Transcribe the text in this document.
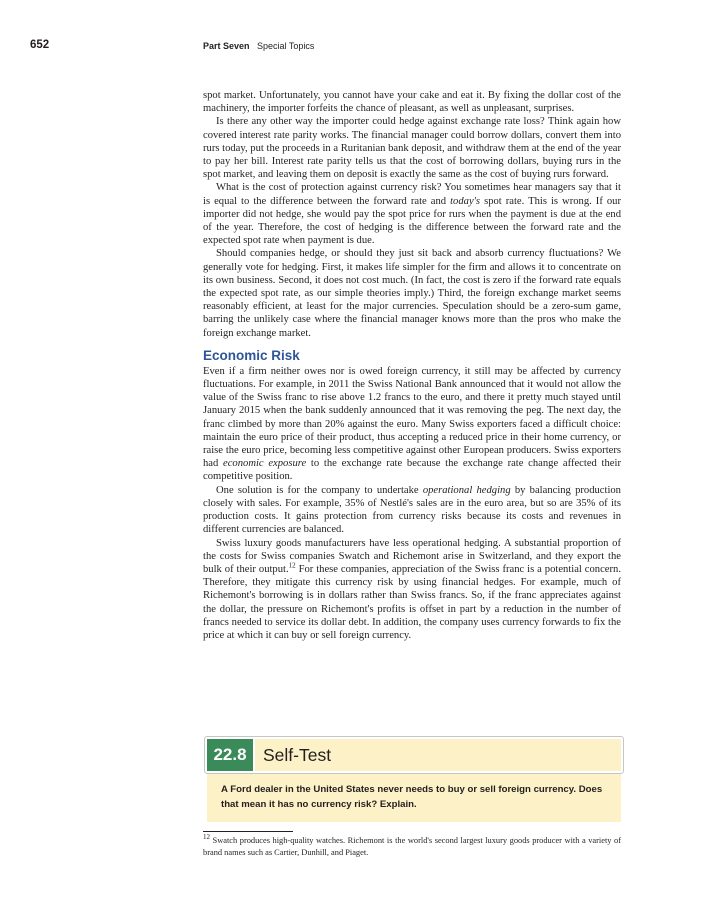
652	Part Seven Special Topics

spot market. Unfortunately, you cannot have your cake and eat it. By fixing the dollar cost of the machinery, the importer forfeits the chance of pleasant, as well as unpleasant, surprises.

Is there any other way the importer could hedge against exchange rate loss? Think again how covered interest rate parity works. The financial manager could borrow dollars, convert them into rurs today, put the proceeds in a Ruritanian bank deposit, and withdraw them at the end of the year to pay her bill. Interest rate parity tells us that the cost of borrowing dollars, buying rurs in the spot market, and leaving them on deposit is exactly the same as the cost of buying rurs forward.

What is the cost of protection against currency risk? You sometimes hear managers say that it is equal to the difference between the forward rate and today's spot rate. This is wrong. If our importer did not hedge, she would pay the spot price for rurs when the payment is due at the end of the year. Therefore, the cost of hedging is the difference between the forward rate and the expected spot rate when payment is due.

Should companies hedge, or should they just sit back and absorb currency fluctuations? We generally vote for hedging. First, it makes life simpler for the firm and allows it to concentrate on its own business. Second, it does not cost much. (In fact, the cost is zero if the forward rate equals the expected spot rate, as our simple theories imply.) Third, the foreign exchange market seems reasonably efficient, at least for the major currencies. Speculation should be a zero-sum game, barring the unlikely case where the financial manager knows more than the pros who make the foreign exchange market.

Economic Risk

Even if a firm neither owes nor is owed foreign currency, it still may be affected by currency fluctuations. For example, in 2011 the Swiss National Bank announced that it would not allow the value of the Swiss franc to rise above 1.2 francs to the euro, and there it pretty much stayed until January 2015 when the bank suddenly announced that it was removing the peg. The next day, the franc climbed by more than 20% against the euro. Many Swiss exporters faced a difficult choice: maintain the euro price of their product, thus accepting a reduced price in their home currency, or raise the euro price, becoming less competitive against other European producers. Swiss exporters had economic exposure to the exchange rate because the exchange rate change affected their competitive position.

One solution is for the company to undertake operational hedging by balancing production closely with sales. For example, 35% of Nestlé's sales are in the euro area, but so are 35% of its production costs. It gains protection from currency risks because its costs and revenues in different currencies are balanced.

Swiss luxury goods manufacturers have less operational hedging. A substantial proportion of the costs for Swiss companies Swatch and Richemont arise in Switzerland, and they export the bulk of their output.$^{12}$ For these companies, appreciation of the Swiss franc is a potential concern. Therefore, they mitigate this currency risk by using financial hedges. For example, much of Richemont's borrowing is in dollars rather than Swiss francs. So, if the franc appreciates against the dollar, the pressure on Richemont's profits is offset in part by a reduction in the number of francs needed to service its dollar debt. In addition, the company uses currency forwards to fix the price at which it can buy or sell foreign currency.

22.8 Self-Test
A Ford dealer in the United States never needs to buy or sell foreign currency. Does that mean it has no currency risk? Explain.
$^{12}$ Swatch produces high-quality watches. Richemont is the world's second largest luxury goods producer with a variety of brand names such as Cartier, Dunhill, and Piaget.
